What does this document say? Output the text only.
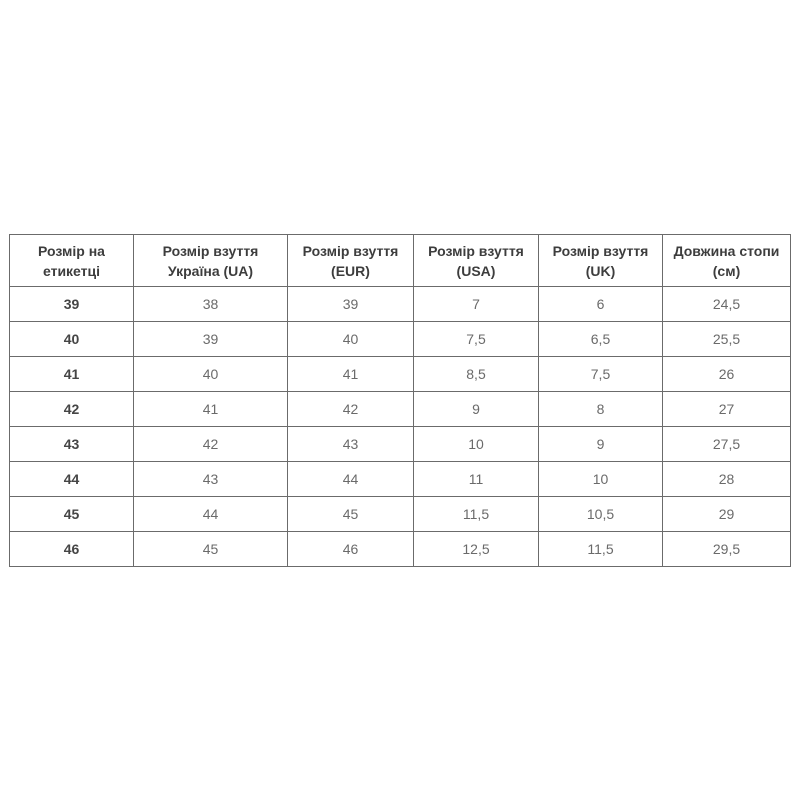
Розмір на етикетці	Розмір взуття Україна (UA)	Розмір взуття (EUR)	Розмір взуття (USA)	Розмір взуття (UK)	Довжина стопи (см)
39	38	39	7	6	24,5
40	39	40	7,5	6,5	25,5
41	40	41	8,5	7,5	26
42	41	42	9	8	27
43	42	43	10	9	27,5
44	43	44	11	10	28
45	44	45	11,5	10,5	29
46	45	46	12,5	11,5	29,5
